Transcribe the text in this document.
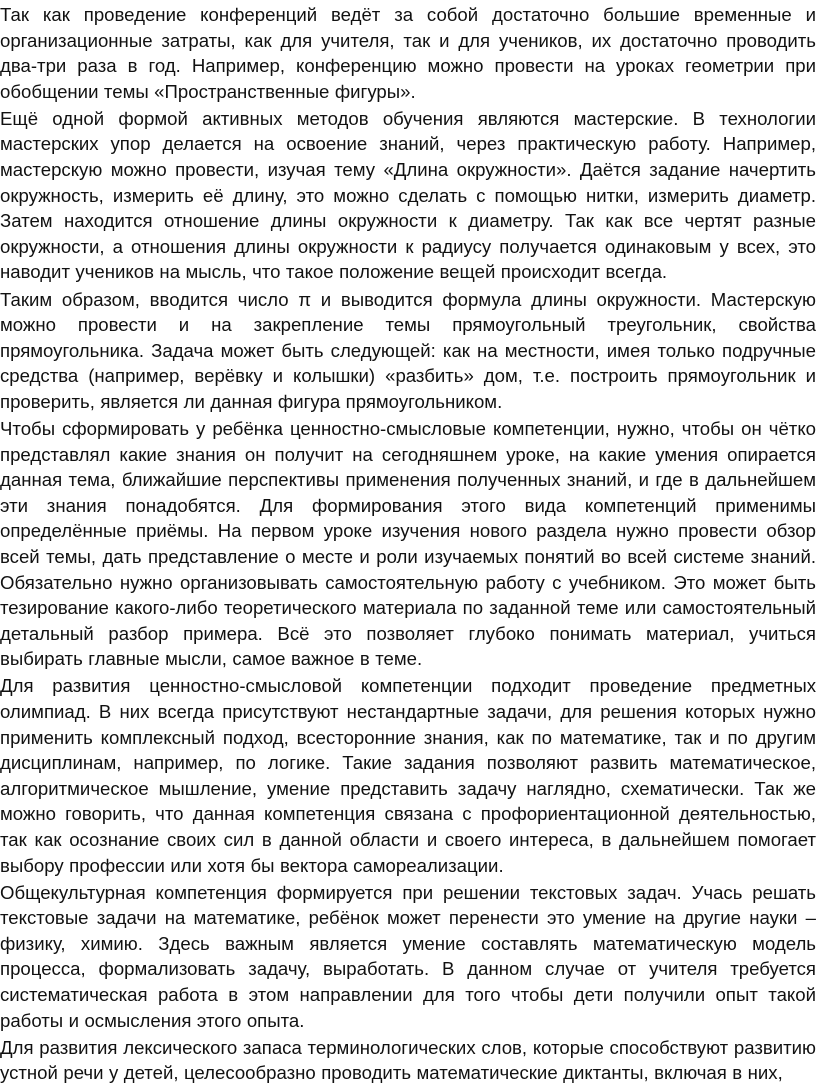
Так как проведение конференций ведёт за собой достаточно большие временные и организационные затраты, как для учителя, так и для учеников, их достаточно проводить два-три раза в год. Например, конференцию можно провести на уроках геометрии при обобщении темы «Пространственные фигуры».

Ещё одной формой активных методов обучения являются мастерские. В технологии мастерских упор делается на освоение знаний, через практическую работу. Например, мастерскую можно провести, изучая тему «Длина окружности». Даётся задание начертить окружность, измерить её длину, это можно сделать с помощью нитки, измерить диаметр. Затем находится отношение длины окружности к диаметру. Так как все чертят разные окружности, а отношения длины окружности к радиусу получается одинаковым у всех, это наводит учеников на мысль, что такое положение вещей происходит всегда.

Таким образом, вводится число π и выводится формула длины окружности. Мастерскую можно провести и на закрепление темы прямоугольный треугольник, свойства прямоугольника. Задача может быть следующей: как на местности, имея только подручные средства (например, верёвку и колышки) «разбить» дом, т.е. построить прямоугольник и проверить, является ли данная фигура прямоугольником.

Чтобы сформировать у ребёнка ценностно-смысловые компетенции, нужно, чтобы он чётко представлял какие знания он получит на сегодняшнем уроке, на какие умения опирается данная тема, ближайшие перспективы применения полученных знаний, и где в дальнейшем эти знания понадобятся. Для формирования этого вида компетенций применимы определённые приёмы. На первом уроке изучения нового раздела нужно провести обзор всей темы, дать представление о месте и роли изучаемых понятий во всей системе знаний. Обязательно нужно организовывать самостоятельную работу с учебником. Это может быть тезирование какого-либо теоретического материала по заданной теме или самостоятельный детальный разбор примера. Всё это позволяет глубоко понимать материал, учиться выбирать главные мысли, самое важное в теме.

Для развития ценностно-смысловой компетенции подходит проведение предметных олимпиад. В них всегда присутствуют нестандартные задачи, для решения которых нужно применить комплексный подход, всесторонние знания, как по математике, так и по другим дисциплинам, например, по логике. Такие задания позволяют развить математическое, алгоритмическое мышление, умение представить задачу наглядно, схематически. Так же можно говорить, что данная компетенция связана с профориентационной деятельностью, так как осознание своих сил в данной области и своего интереса, в дальнейшем помогает выбору профессии или хотя бы вектора самореализации.

Общекультурная компетенция формируется при решении текстовых задач. Учась решать текстовые задачи на математике, ребёнок может перенести это умение на другие науки – физику, химию. Здесь важным является умение составлять математическую модель процесса, формализовать задачу, выработать. В данном случае от учителя требуется систематическая работа в этом направлении для того чтобы дети получили опыт такой работы и осмысления этого опыта.

Для развития лексического запаса терминологических слов, которые способствуют развитию устной речи у детей, целесообразно проводить математические диктанты, включая в них,
